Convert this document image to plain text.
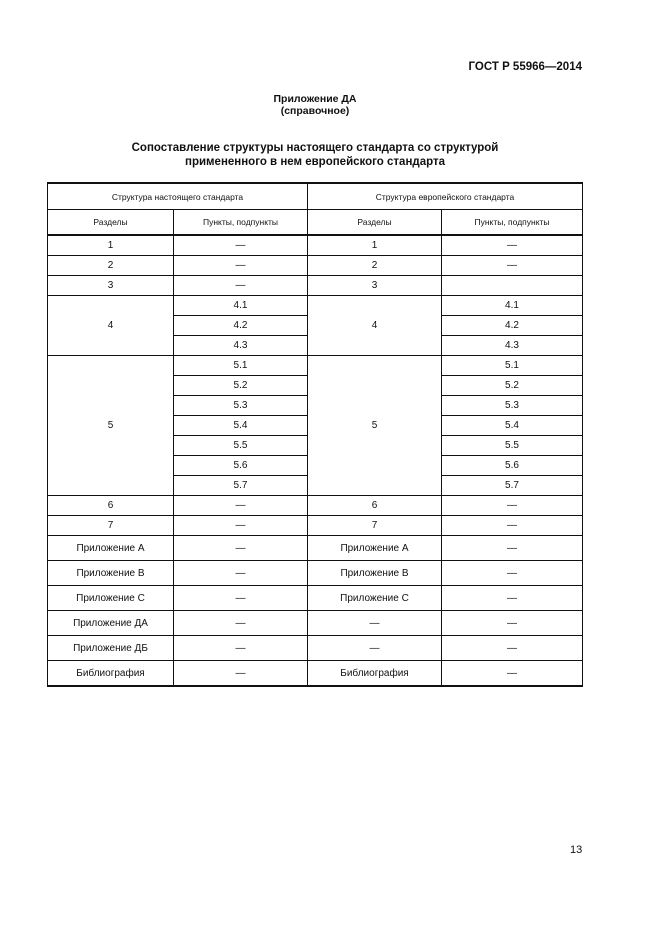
ГОСТ Р 55966—2014
Приложение ДА
(справочное)
Сопоставление структуры настоящего стандарта со структурой
примененного в нем европейского стандарта
Структура настоящего стандарта		Структура европейского стандарта	
Разделы	Пункты, подпункты	Разделы	Пункты, подпункты
1	—	1	—
2	—	2	—
3	—	3	
4	4.1	4	4.1
	4.2		4.2
	4.3		4.3
5	5.1	5	5.1
	5.2		5.2
	5.3		5.3
	5.4		5.4
	5.5		5.5
	5.6		5.6
	5.7		5.7
6	—	6	—
7	—	7	—
Приложение А	—	Приложение А	—
Приложение В	—	Приложение В	—
Приложение С	—	Приложение С	—
Приложение ДА	—	—	—
Приложение ДБ	—	—	—
Библиография	—	Библиография	—
13
